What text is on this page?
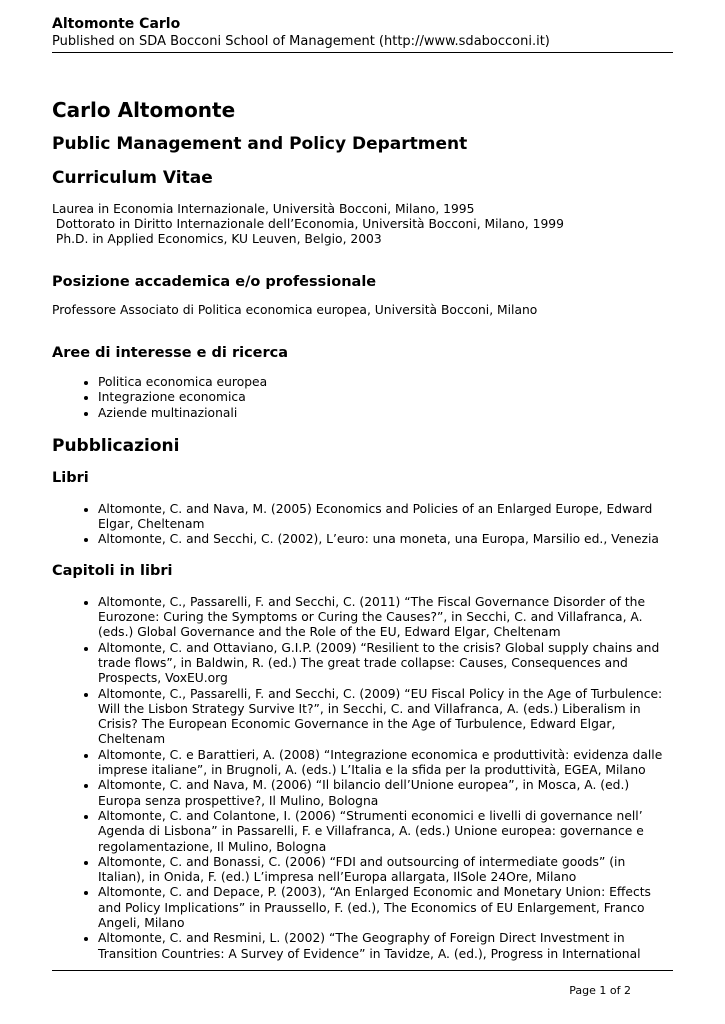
Altomonte Carlo
Published on SDA Bocconi School of Management (http://www.sdabocconi.it)
Carlo Altomonte
Public Management and Policy Department
Curriculum Vitae
Laurea in Economia Internazionale, Università Bocconi, Milano, 1995
Dottorato in Diritto Internazionale dell’Economia, Università Bocconi, Milano, 1999
Ph.D. in Applied Economics, KU Leuven, Belgio, 2003
Posizione accademica e/o professionale

Professore Associato di Politica economica europea, Università Bocconi, Milano

Aree di interesse e di ricerca
• Politica economica europea
• Integrazione economica
• Aziende multinazionali
Pubblicazioni
Libri
• Altomonte, C. and Nava, M. (2005) Economics and Policies of an Enlarged Europe, Edward Elgar, Cheltenam
• Altomonte, C. and Secchi, C. (2002), L’euro: una moneta, una Europa, Marsilio ed., Venezia
Capitoli in libri
• Altomonte, C., Passarelli, F. and Secchi, C. (2011) “The Fiscal Governance Disorder of the Eurozone: Curing the Symptoms or Curing the Causes?”, in Secchi, C. and Villafranca, A. (eds.) Global Governance and the Role of the EU, Edward Elgar, Cheltenam
• Altomonte, C. and Ottaviano, G.I.P. (2009) “Resilient to the crisis? Global supply chains and trade flows”, in Baldwin, R. (ed.) The great trade collapse: Causes, Consequences and Prospects, VoxEU.org
• Altomonte, C., Passarelli, F. and Secchi, C. (2009) “EU Fiscal Policy in the Age of Turbulence: Will the Lisbon Strategy Survive It?”, in Secchi, C. and Villafranca, A. (eds.) Liberalism in Crisis? The European Economic Governance in the Age of Turbulence, Edward Elgar, Cheltenam
• Altomonte, C. e Barattieri, A. (2008) “Integrazione economica e produttività: evidenza dalle imprese italiane”, in Brugnoli, A. (eds.) L’Italia e la sfida per la produttività, EGEA, Milano
• Altomonte, C. and Nava, M. (2006) “Il bilancio dell’Unione europea”, in Mosca, A. (ed.) Europa senza prospettive?, Il Mulino, Bologna
• Altomonte, C. and Colantone, I. (2006) “Strumenti economici e livelli di governance nell’ Agenda di Lisbona” in Passarelli, F. e Villafranca, A. (eds.) Unione europea: governance e regolamentazione, Il Mulino, Bologna
• Altomonte, C. and Bonassi, C. (2006) “FDI and outsourcing of intermediate goods” (in Italian), in Onida, F. (ed.) L’impresa nell’Europa allargata, IlSole 24Ore, Milano
• Altomonte, C. and Depace, P. (2003), “An Enlarged Economic and Monetary Union: Effects and Policy Implications” in Praussello, F. (ed.), The Economics of EU Enlargement, Franco Angeli, Milano
• Altomonte, C. and Resmini, L. (2002) “The Geography of Foreign Direct Investment in Transition Countries: A Survey of Evidence” in Tavidze, A. (ed.), Progress in International
Page 1 of 2
